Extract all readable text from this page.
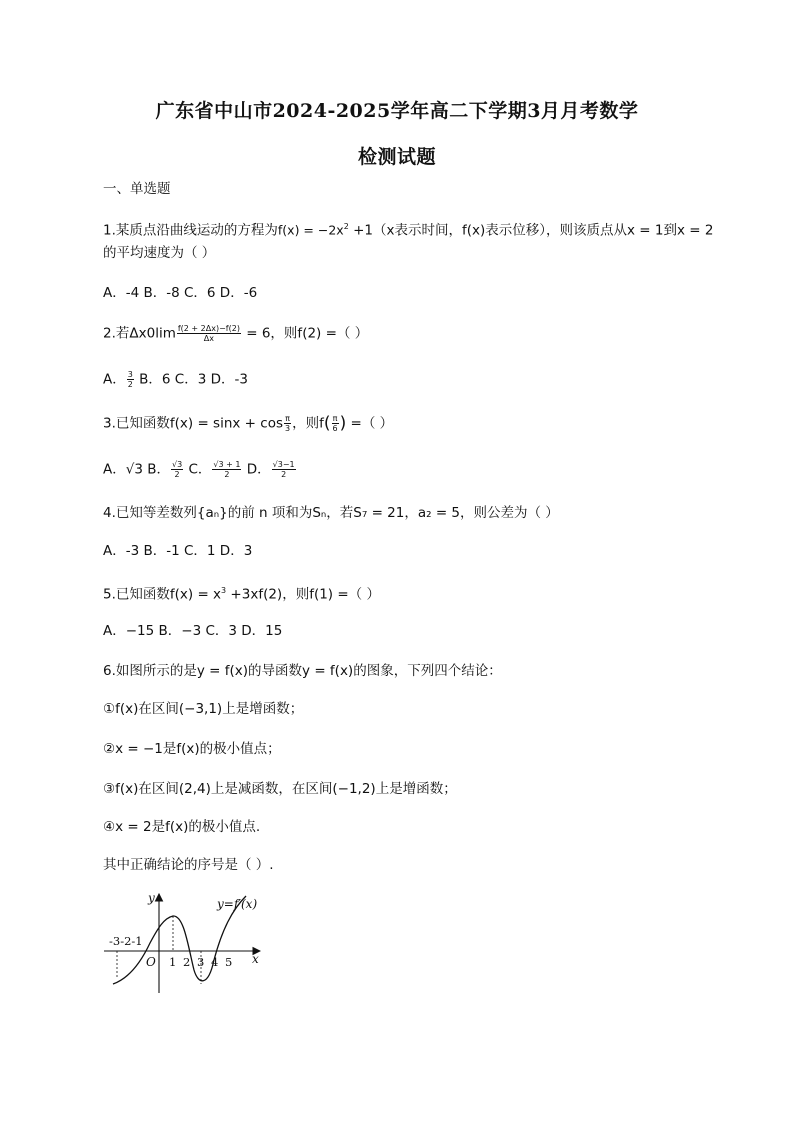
广东省中山市2024-2025学年高二下学期3月月考数学
检测试题
一、单选题
1.某质点沿曲线运动的方程为$f(x) = -2x^2 +1(x$表示时间，f(x)表示位移），则该质点从x = 1到x = 2
的平均速度为（ ）
A．-4 B．-8 C．6 D．-6
2.若$\Delta x0\lim \frac{f(2 + 2\Delta x)-f(2)}{\Delta x} = 6$，则f(2) =（ ）
A． $\frac{3}{2}$ B．6 C．3 D．-3
3.已知函数$f(x) = \sin x + \cos \frac{\pi}{3}$ ，则$f( \frac{\pi}{6}$ ) =（ ）
A．√3 B． $\frac{√3}{2}$ C． $\frac{√3 + 1}{2}$ D． $\frac{√3-1}{2}$
4.已知等差数列{aₙ}的前 n 项和为Sₙ，若S₇ = 21，a₂ = 5，则公差为（ ）
A．-3 B．-1 C．1 D．3
5.已知函数$f(x) = x^3 +3xf(2)$，则f(1) =（ ）
A．−15 B．−3 C．3 D．15
6.如图所示的是y = f(x)的导函数y = f(x)的图象，下列四个结论：
①f(x)在区间(−3,1)上是增函数；
②x = −1是f(x)的极小值点；
③f(x)在区间(2,4)上是减函数，在区间(−1,2)上是增函数；
④x = 2是f(x)的极小值点.
其中正确结论的序号是（ ）.
y=f′(x)
y
x
O
-3-2-1
1 2 3 4 5
